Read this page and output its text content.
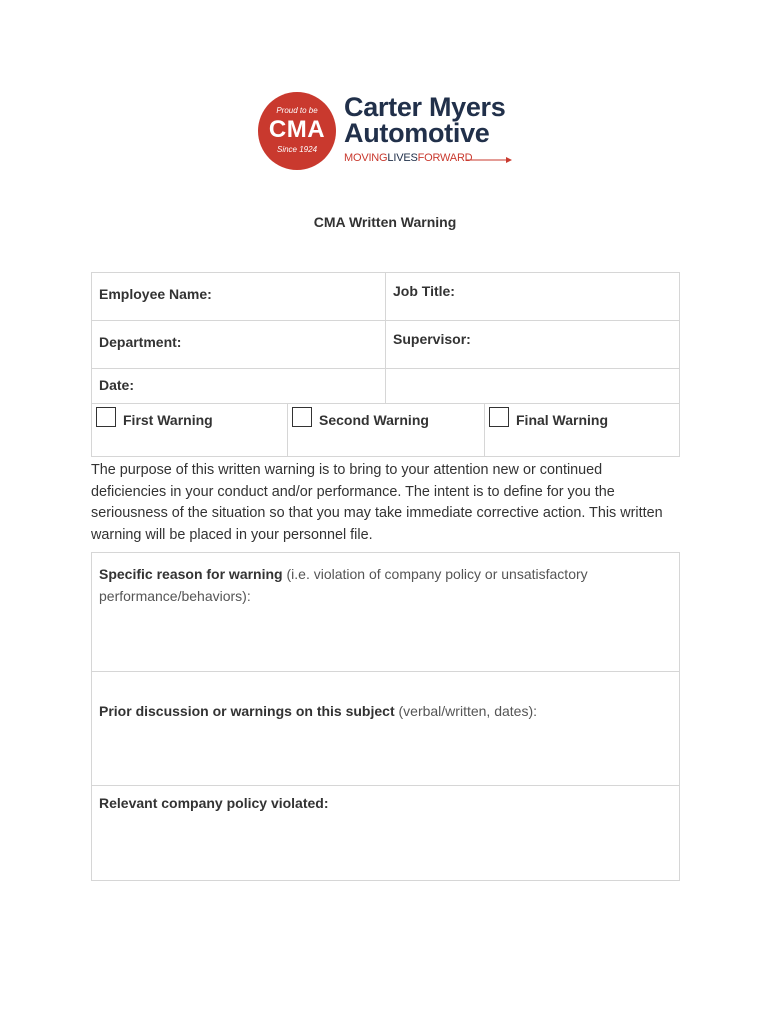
Proud to be
CMA
Since 1924
Carter Myers
Automotive
MOVINGLIVESFORWARD
CMA Written Warning
Employee Name:	Job Title:
Department:	Supervisor:
Date:
First Warning	Second Warning	Final Warning
The purpose of this written warning is to bring to your attention new or continued deficiencies in your conduct and/or performance. The intent is to define for you the seriousness of the situation so that you may take immediate corrective action. This written warning will be placed in your personnel file.
Specific reason for warning (i.e. violation of company policy or unsatisfactory performance/behaviors):
Prior discussion or warnings on this subject (verbal/written, dates):
Relevant company policy violated:
